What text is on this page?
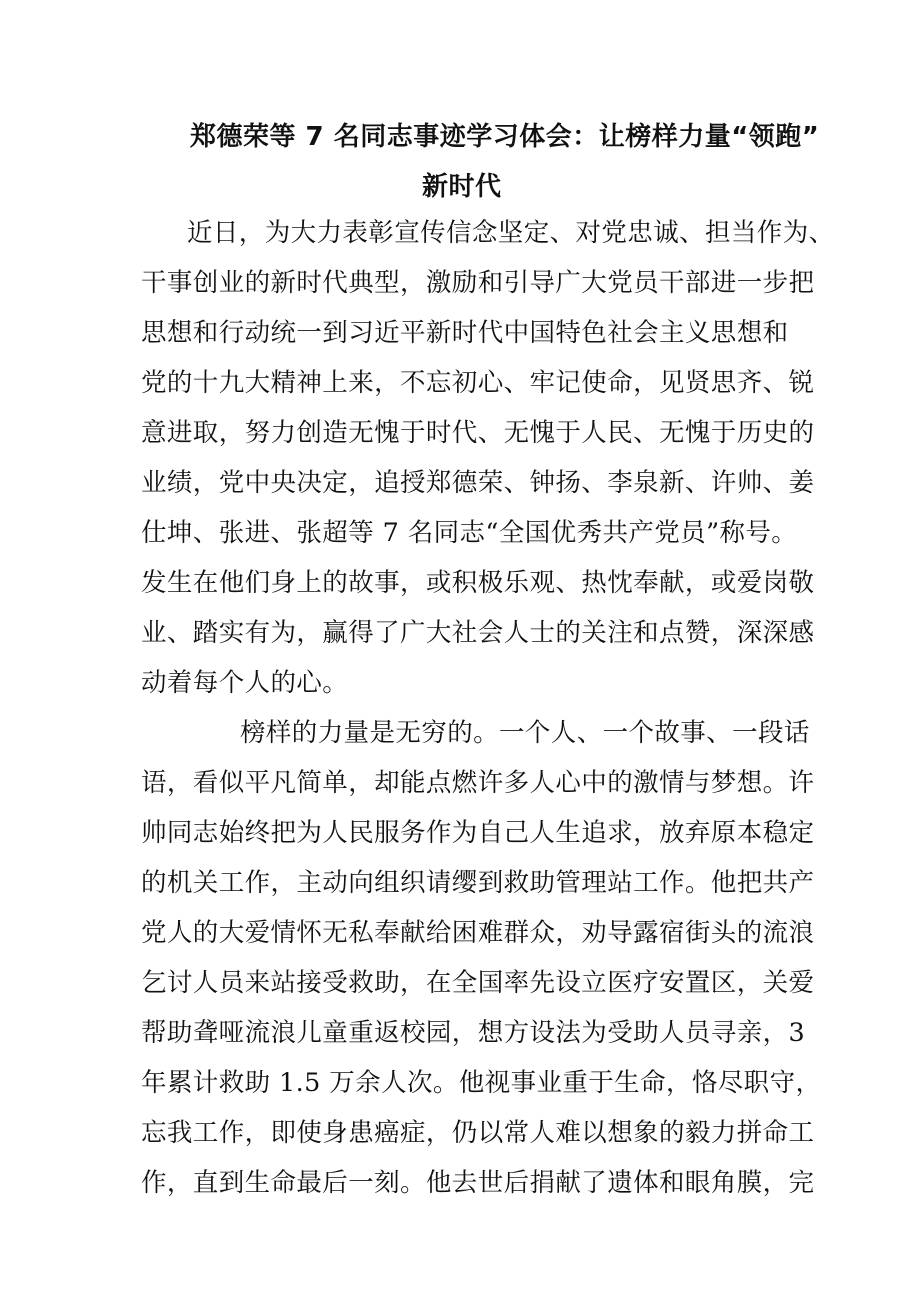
郑德荣等 7 名同志事迹学习体会：让榜样力量“领跑”
新时代
近日，为大力表彰宣传信念坚定、对党忠诚、担当作为、
干事创业的新时代典型，激励和引导广大党员干部进一步把
思想和行动统一到习近平新时代中国特色社会主义思想和
党的十九大精神上来，不忘初心、牢记使命，见贤思齐、锐
意进取，努力创造无愧于时代、无愧于人民、无愧于历史的
业绩，党中央决定，追授郑德荣、钟扬、李泉新、许帅、姜
仕坤、张进、张超等 7 名同志“全国优秀共产党员”称号。
发生在他们身上的故事，或积极乐观、热忱奉献，或爱岗敬
业、踏实有为，赢得了广大社会人士的关注和点赞，深深感
动着每个人的心。
榜样的力量是无穷的。一个人、一个故事、一段话
语，看似平凡简单，却能点燃许多人心中的激情与梦想。许
帅同志始终把为人民服务作为自己人生追求，放弃原本稳定
的机关工作，主动向组织请缨到救助管理站工作。他把共产
党人的大爱情怀无私奉献给困难群众，劝导露宿街头的流浪
乞讨人员来站接受救助，在全国率先设立医疗安置区，关爱
帮助聋哑流浪儿童重返校园，想方设法为受助人员寻亲，3
年累计救助 1.5 万余人次。他视事业重于生命，恪尽职守，
忘我工作，即使身患癌症，仍以常人难以想象的毅力拼命工
作，直到生命最后一刻。他去世后捐献了遗体和眼角膜，完
